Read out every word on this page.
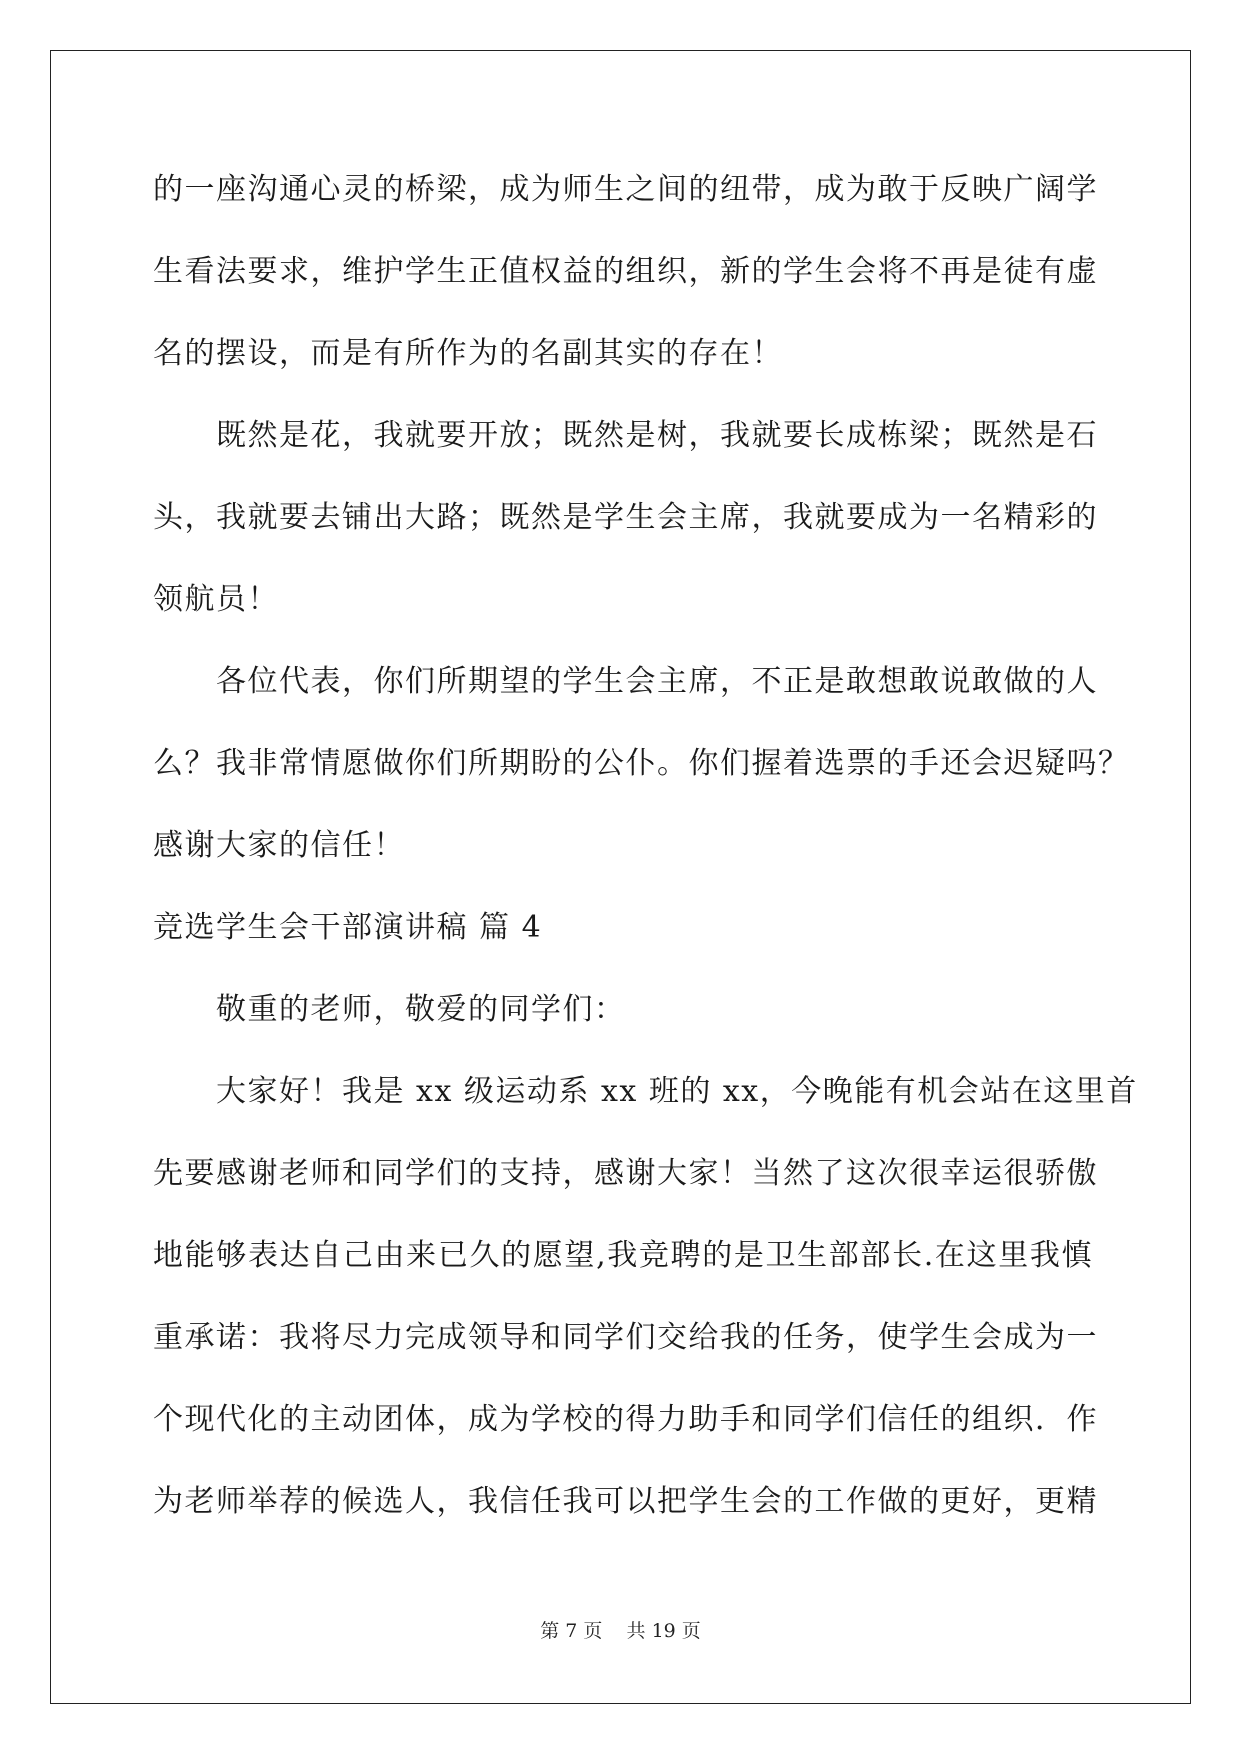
的一座沟通心灵的桥梁，成为师生之间的纽带，成为敢于反映广阔学
生看法要求，维护学生正值权益的组织，新的学生会将不再是徒有虚
名的摆设，而是有所作为的名副其实的存在！
既然是花，我就要开放；既然是树，我就要长成栋梁；既然是石
头，我就要去铺出大路；既然是学生会主席，我就要成为一名精彩的
领航员！
各位代表，你们所期望的学生会主席，不正是敢想敢说敢做的人
么？我非常情愿做你们所期盼的公仆。你们握着选票的手还会迟疑吗？
感谢大家的信任！
竞选学生会干部演讲稿 篇 4
敬重的老师，敬爱的同学们：
大家好！我是 xx 级运动系 xx 班的 xx，今晚能有机会站在这里首
先要感谢老师和同学们的支持，感谢大家！当然了这次很幸运很骄傲
地能够表达自己由来已久的愿望,我竞聘的是卫生部部长.在这里我慎
重承诺：我将尽力完成领导和同学们交给我的任务，使学生会成为一
个现代化的主动团体，成为学校的得力助手和同学们信任的组织．作
为老师举荐的候选人，我信任我可以把学生会的工作做的更好，更精
第 7 页    共 19 页
